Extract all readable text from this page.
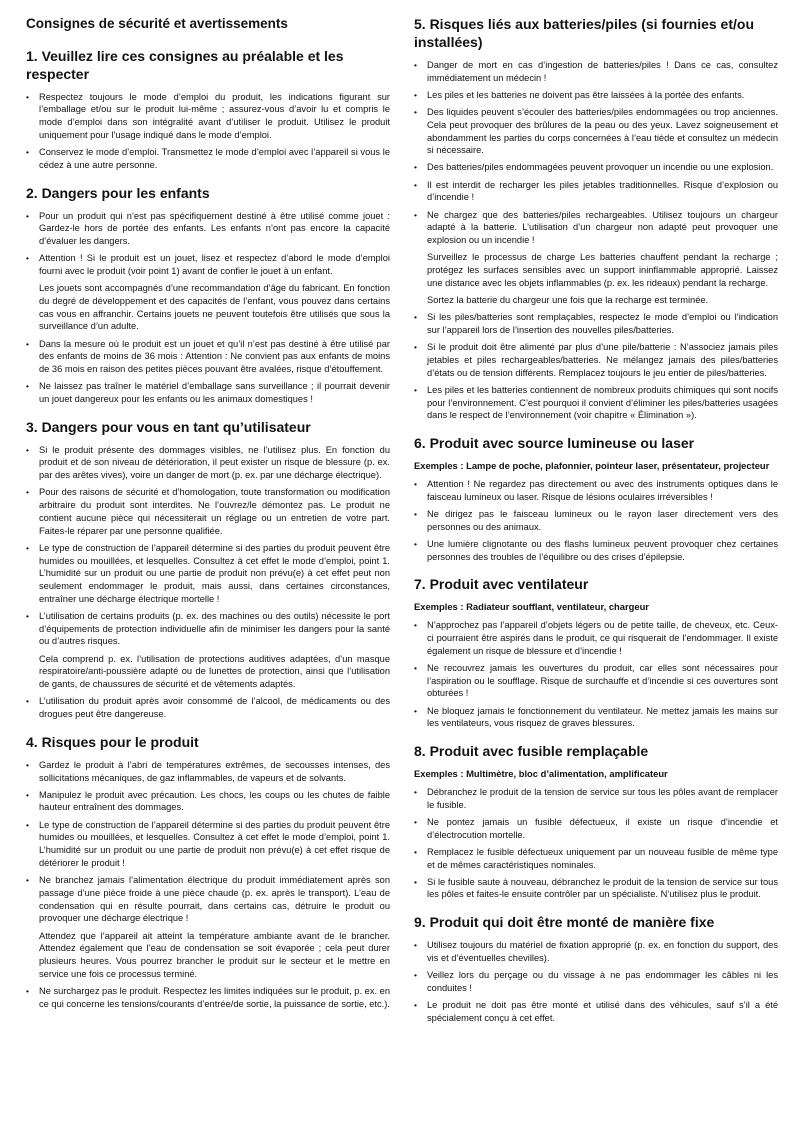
Consignes de sécurité et avertissements
1. Veuillez lire ces consignes au préalable et les respecter
•	Respectez toujours le mode d’emploi du produit, les indications figurant sur l’emballage et/ou sur le produit lui-même ; assurez-vous d’avoir lu et compris le mode d’emploi dans son intégralité avant d’utiliser le produit. Utilisez le produit uniquement pour l’usage indiqué dans le mode d’emploi.
•	Conservez le mode d’emploi. Transmettez le mode d’emploi avec l’appareil si vous le cédez à une autre personne.
2. Dangers pour les enfants
•	Pour un produit qui n’est pas spécifiquement destiné à être utilisé comme jouet : Gardez-le hors de portée des enfants. Les enfants n’ont pas encore la capacité d’évaluer les dangers.
•	Attention ! Si le produit est un jouet, lisez et respectez d’abord le mode d’emploi fourni avec le produit (voir point 1) avant de confier le jouet à un enfant.
Les jouets sont accompagnés d’une recommandation d’âge du fabricant. En fonction du degré de développement et des capacités de l’enfant, vous pouvez dans certains cas vous en affranchir. Certains jouets ne peuvent toutefois être utilisés que sous la surveillance d’un adulte.
•	Dans la mesure où le produit est un jouet et qu’il n’est pas destiné à être utilisé par des enfants de moins de 36 mois : Attention : Ne convient pas aux enfants de moins de 36 mois en raison des petites pièces pouvant être avalées, risque d’étouffement.
•	Ne laissez pas traîner le matériel d’emballage sans surveillance ; il pourrait devenir un jouet dangereux pour les enfants ou les animaux domestiques !
3. Dangers pour vous en tant qu’utilisateur
•	Si le produit présente des dommages visibles, ne l’utilisez plus. En fonction du produit et de son niveau de détérioration, il peut exister un risque de blessure (p. ex. par des arêtes vives), voire un danger de mort (p. ex. par une décharge électrique).
•	Pour des raisons de sécurité et d’homologation, toute transformation ou modification arbitraire du produit sont interdites. Ne l’ouvrez/le démontez pas. Le produit ne contient aucune pièce qui nécessiterait un réglage ou un entretien de votre part. Faites-le réparer par une personne qualifiée.
•	Le type de construction de l’appareil détermine si des parties du produit peuvent être humides ou mouillées, et lesquelles. Consultez à cet effet le mode d’emploi, point 1. L’humidité sur un produit ou une partie de produit non prévu(e) à cet effet peut non seulement endommager le produit, mais aussi, dans certaines circonstances, entraîner une décharge électrique mortelle !
•	L’utilisation de certains produits (p. ex. des machines ou des outils) nécessite le port d’équipements de protection individuelle afin de minimiser les dangers pour la santé ou d’autres risques.
Cela comprend p. ex. l’utilisation de protections auditives adaptées, d’un masque respiratoire/anti-poussière adapté ou de lunettes de protection, ainsi que l’utilisation de gants, de chaussures de sécurité et de vêtements adaptés.
•	L’utilisation du produit après avoir consommé de l’alcool, de médicaments ou des drogues peut être dangereuse.
4. Risques pour le produit
•	Gardez le produit à l’abri de températures extrêmes, de secousses intenses, des sollicitations mécaniques, de gaz inflammables, de vapeurs et de solvants.
•	Manipulez le produit avec précaution. Les chocs, les coups ou les chutes de faible hauteur entraînent des dommages.
•	Le type de construction de l’appareil détermine si des parties du produit peuvent être humides ou mouillées, et lesquelles. Consultez à cet effet le mode d’emploi, point 1. L’humidité sur un produit ou une partie de produit non prévu(e) à cet effet risque de détériorer le produit !
•	Ne branchez jamais l’alimentation électrique du produit immédiatement après son passage d’une pièce froide à une pièce chaude (p. ex. après le transport). L’eau de condensation qui en résulte pourrait, dans certains cas, détruire le produit ou provoquer une décharge électrique !
Attendez que l’appareil ait atteint la température ambiante avant de le brancher. Attendez également que l’eau de condensation se soit évaporée ; cela peut durer plusieurs heures. Vous pourrez brancher le produit sur le secteur et le mettre en service une fois ce processus terminé.
•	Ne surchargez pas le produit. Respectez les limites indiquées sur le produit, p. ex. en ce qui concerne les tensions/courants d’entrée/de sortie, la puissance de sortie, etc.).
5. Risques liés aux batteries/piles (si fournies et/ou installées)
•	Danger de mort en cas d’ingestion de batteries/piles ! Dans ce cas, consultez immédiatement un médecin !
•	Les piles et les batteries ne doivent pas être laissées à la portée des enfants.
•	Des liquides peuvent s’écouler des batteries/piles endommagées ou trop anciennes. Cela peut provoquer des brûlures de la peau ou des yeux. Lavez soigneusement et abondamment les parties du corps concernées à l’eau tiède et consultez un médecin si nécessaire.
•	Des batteries/piles endommagées peuvent provoquer un incendie ou une explosion.
•	Il est interdit de recharger les piles jetables traditionnelles. Risque d’explosion ou d’incendie !
•	Ne chargez que des batteries/piles rechargeables. Utilisez toujours un chargeur adapté à la batterie. L’utilisation d’un chargeur non adapté peut provoquer une explosion ou un incendie !
Surveillez le processus de charge Les batteries chauffent pendant la recharge ; protégez les surfaces sensibles avec un support ininflammable approprié. Laissez une distance avec les objets inflammables (p. ex. les rideaux) pendant la recharge.
Sortez la batterie du chargeur une fois que la recharge est terminée.
•	Si les piles/batteries sont remplaçables, respectez le mode d’emploi ou l’indication sur l’appareil lors de l’insertion des nouvelles piles/batteries.
•	Si le produit doit être alimenté par plus d’une pile/batterie : N’associez jamais piles jetables et piles rechargeables/batteries. Ne mélangez jamais des piles/batteries d’états ou de tension différents. Remplacez toujours le jeu entier de piles/batteries.
•	Les piles et les batteries contiennent de nombreux produits chimiques qui sont nocifs pour l’environnement. C’est pourquoi il convient d’éliminer les piles/batteries usagées dans le respect de l’environnement (voir chapitre « Élimination »).
6. Produit avec source lumineuse ou laser
Exemples : Lampe de poche, plafonnier, pointeur laser, présentateur, projecteur
•	Attention ! Ne regardez pas directement ou avec des instruments optiques dans le faisceau lumineux ou laser. Risque de lésions oculaires irréversibles !
•	Ne dirigez pas le faisceau lumineux ou le rayon laser directement vers des personnes ou des animaux.
•	Une lumière clignotante ou des flashs lumineux peuvent provoquer chez certaines personnes des troubles de l’équilibre ou des crises d’épilepsie.
7. Produit avec ventilateur
Exemples : Radiateur soufflant, ventilateur, chargeur
•	N’approchez pas l’appareil d’objets légers ou de petite taille, de cheveux, etc. Ceux-ci pourraient être aspirés dans le produit, ce qui risquerait de l’endommager. Il existe également un risque de blessure et d’incendie !
•	Ne recouvrez jamais les ouvertures du produit, car elles sont nécessaires pour l’aspiration ou le soufflage. Risque de surchauffe et d’incendie si ces ouvertures sont obturées !
•	Ne bloquez jamais le fonctionnement du ventilateur. Ne mettez jamais les mains sur les ventilateurs, vous risquez de graves blessures.
8. Produit avec fusible remplaçable
Exemples : Multimètre, bloc d’alimentation, amplificateur
•	Débranchez le produit de la tension de service sur tous les pôles avant de remplacer le fusible.
•	Ne pontez jamais un fusible défectueux, il existe un risque d’incendie et d’électrocution mortelle.
•	Remplacez le fusible défectueux uniquement par un nouveau fusible de même type et de mêmes caractéristiques nominales.
•	Si le fusible saute à nouveau, débranchez le produit de la tension de service sur tous les pôles et faites-le ensuite contrôler par un spécialiste. N’utilisez plus le produit.
9. Produit qui doit être monté de manière fixe
•	Utilisez toujours du matériel de fixation approprié (p. ex. en fonction du support, des vis et d’éventuelles chevilles).
•	Veillez lors du perçage ou du vissage à ne pas endommager les câbles ni les conduites !
•	Le produit ne doit pas être monté et utilisé dans des véhicules, sauf s’il a été spécialement conçu à cet effet.
